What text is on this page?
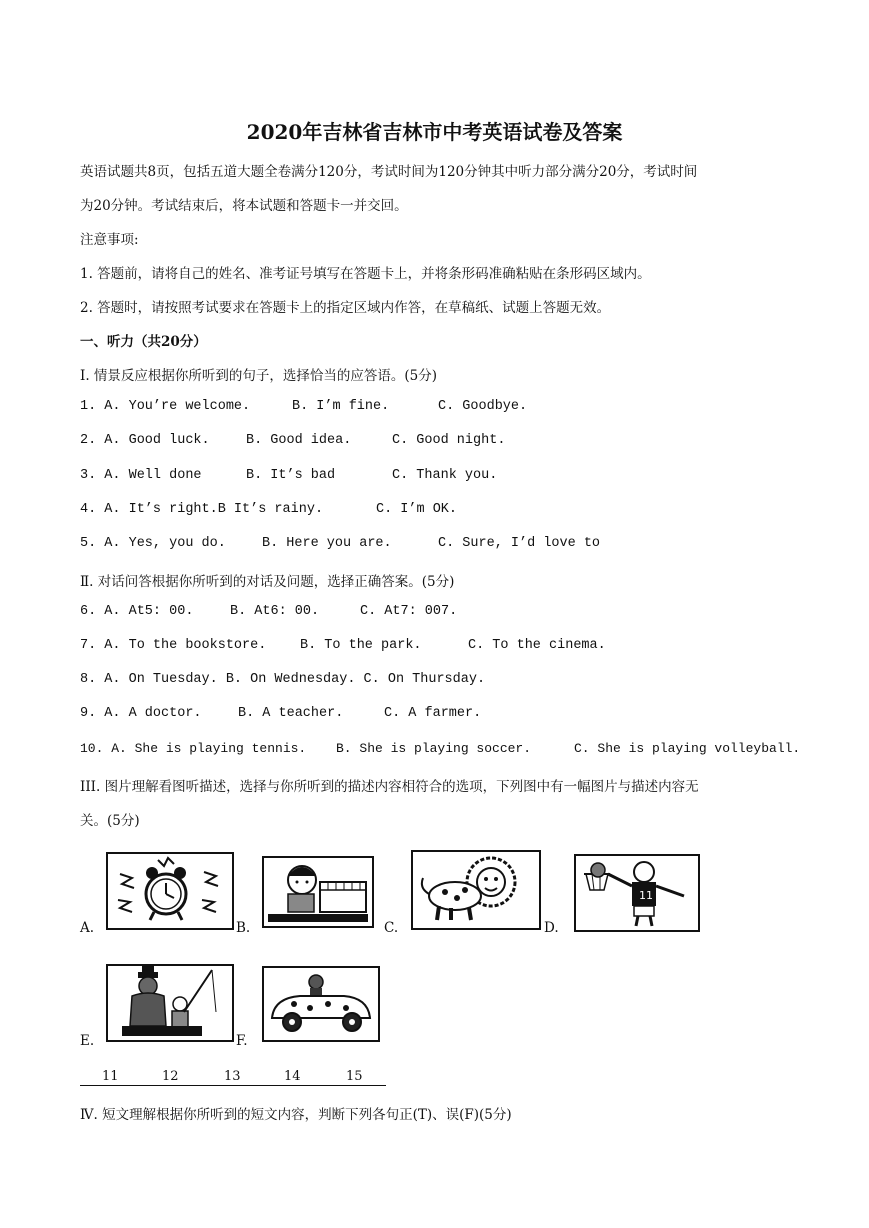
2020年吉林省吉林市中考英语试卷及答案
英语试题共8页，包括五道大题全卷满分120分，考试时间为120分钟其中听力部分满分20分，考试时间
为20分钟。考试结束后，将本试题和答题卡一并交回。
注意事项:
1. 答题前，请将自己的姓名、准考证号填写在答题卡上，并将条形码准确粘贴在条形码区域内。
2. 答题时，请按照考试要求在答题卡上的指定区域内作答，在草稿纸、试题上答题无效。
一、听力（共20分）
Ⅰ. 情景反应根据你所听到的句子，选择恰当的应答语。(5分)
1. A. You’re welcome.	B. I’m fine.	C. Goodbye.
2. A. Good luck.	B. Good idea.	C. Good night.
3. A. Well done	B. It’s bad	C. Thank you.
4. A. It’s right.B It’s rainy.	C. I’m OK.
5. A. Yes, you do.	B. Here you are.	C. Sure, I’d love to
Ⅱ. 对话问答根据你所听到的对话及问题，选择正确答案。(5分)
6. A. At5: 00.	B. At6: 00.	C. At7: 007.
7. A. To the bookstore. B. To the park.	C. To the cinema.
8. A. On Tuesday. B. On Wednesday. C. On Thursday.
9. A. A doctor.	B. A teacher.	C. A farmer.
10. A. She is playing tennis. B. She is playing soccer.	C. She is playing volleyball.
III. 图片理解看图听描述，选择与你所听到的描述内容相符合的选项，下列图中有一幅图片与描述内容无
关。(5分)
A.	B.	C.	D.
11
E.	F.
11	12	13	14	15
Ⅳ. 短文理解根据你所听到的短文内容，判断下列各句正(T)、误(F)(5分)
